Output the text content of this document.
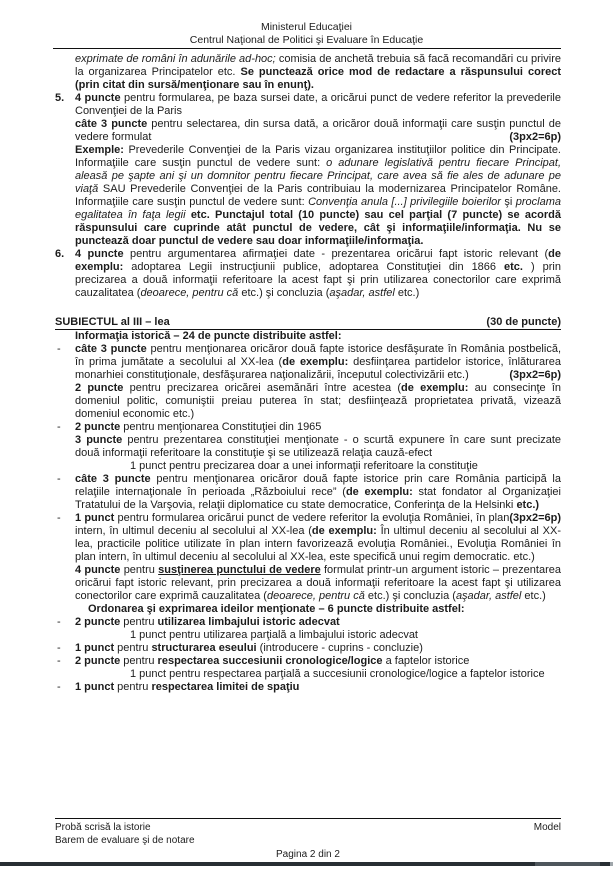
Ministerul Educaţiei
Centrul Naţional de Politici şi Evaluare în Educaţie
exprimate de români în adunările ad-hoc; comisia de anchetă trebuia să facă recomandări cu privire la organizarea Principatelor etc. Se punctează orice mod de redactare a răspunsului corect (prin citat din sursă/menţionare sau în enunţ).
5. 4 puncte pentru formularea, pe baza sursei date, a oricărui punct de vedere referitor la prevederile Convenţiei de la Paris
câte 3 puncte pentru selectarea, din sursa dată, a oricăror două informaţii care susţin punctul de vedere formulat	(3px2=6p)
Exemple: Prevederile Convenţiei de la Paris vizau organizarea instituţiilor politice din Principate. Informaţiile care susţin punctul de vedere sunt: o adunare legislativă pentru fiecare Principat, aleasă pe şapte ani şi un domnitor pentru fiecare Principat, care avea să fie ales de adunare pe viaţă SAU Prevederile Convenţiei de la Paris contribuiau la modernizarea Principatelor Române. Informaţiile care susţin punctul de vedere sunt: Convenţia anula [...] privilegiile boierilor şi proclama egalitatea în faţa legii etc. Punctajul total (10 puncte) sau cel parţial (7 puncte) se acordă răspunsului care cuprinde atât punctul de vedere, cât şi informaţiile/informaţia. Nu se punctează doar punctul de vedere sau doar informaţiile/informaţia.
6. 4 puncte pentru argumentarea afirmaţiei date - prezentarea oricărui fapt istoric relevant (de exemplu: adoptarea Legii instrucţiunii publice, adoptarea Constituţiei din 1866 etc. ) prin precizarea a două informaţii referitoare la acest fapt şi prin utilizarea conectorilor care exprimă cauzalitatea (deoarece, pentru că etc.) şi concluzia (aşadar, astfel etc.)
SUBIECTUL al III – lea	(30 de puncte)
Informaţia istorică – 24 de puncte distribuite astfel:
- câte 3 puncte pentru menţionarea oricăror două fapte istorice desfăşurate în România postbelică, în prima jumătate a secolului al XX-lea (de exemplu: desfiinţarea partidelor istorice, înlăturarea monarhiei constituţionale, desfăşurarea naţionalizării, începutul colectivizării etc.)	(3px2=6p)
2 puncte pentru precizarea oricărei asemănări între acestea (de exemplu: au consecinţe în domeniul politic, comuniştii preiau puterea în stat; desfiinţează proprietatea privată, vizează domeniul economic etc.)
- 2 puncte pentru menţionarea Constituţiei din 1965
3 puncte pentru prezentarea constituţiei menţionate - o scurtă expunere în care sunt precizate două informaţii referitoare la constituţie şi se utilizează relaţia cauză-efect
1 punct pentru precizarea doar a unei informaţii referitoare la constituţie
- câte 3 puncte pentru menţionarea oricăror două fapte istorice prin care România participă la relaţiile internaţionale în perioada „Războiului rece” (de exemplu: stat fondator al Organizaţiei Tratatului de la Varşovia, relaţii diplomatice cu state democratice, Conferinţa de la Helsinki etc.)
(3px2=6p)
- 1 punct pentru formularea oricărui punct de vedere referitor la evoluţia României, în plan intern, în ultimul deceniu al secolului al XX-lea (de exemplu: În ultimul deceniu al secolului al XX-lea, practicile politice utilizate în plan intern favorizează evoluţia României., Evoluţia României în plan intern, în ultimul deceniu al secolului al XX-lea, este specifică unui regim democratic. etc.)
4 puncte pentru susţinerea punctului de vedere formulat printr-un argument istoric – prezentarea oricărui fapt istoric relevant, prin precizarea a două informaţii referitoare la acest fapt şi utilizarea conectorilor care exprimă cauzalitatea (deoarece, pentru că etc.) şi concluzia (aşadar, astfel etc.)
Ordonarea şi exprimarea ideilor menţionate – 6 puncte distribuite astfel:
- 2 puncte pentru utilizarea limbajului istoric adecvat
1 punct pentru utilizarea parţială a limbajului istoric adecvat
- 1 punct pentru structurarea eseului (introducere - cuprins - concluzie)
- 2 puncte pentru respectarea succesiunii cronologice/logice a faptelor istorice
1 punct pentru respectarea parţială a succesiunii cronologice/logice a faptelor istorice
- 1 punct pentru respectarea limitei de spaţiu
Probă scrisă la istorie	Model
Barem de evaluare şi de notare
Pagina 2 din 2
